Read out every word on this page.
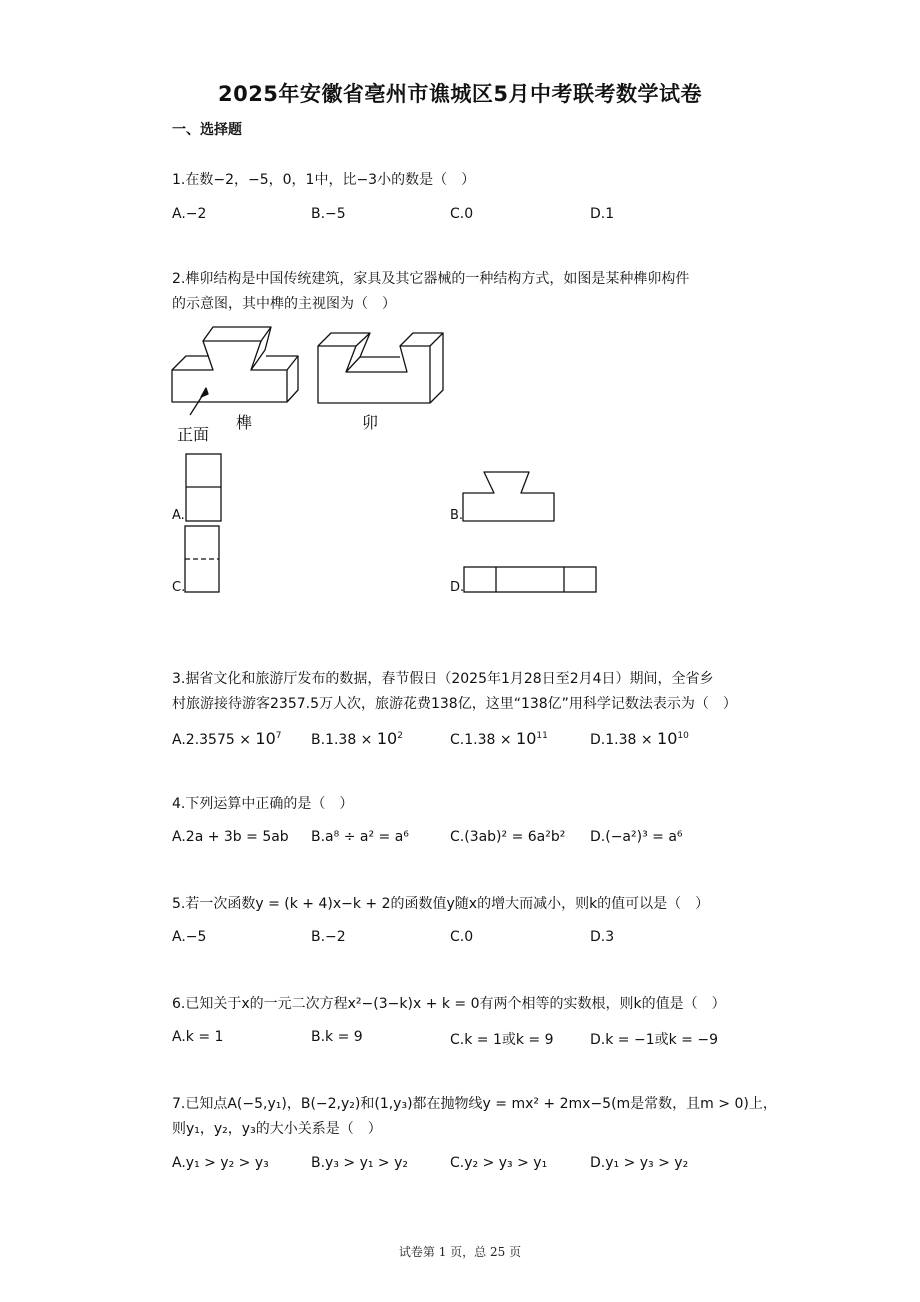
2025年安徽省亳州市谯城区5月中考联考数学试卷
一、选择题
1.在数−2，−5，0，1中，比−3小的数是（　）
A.−2	B.−5	C.0	D.1
2.榫卯结构是中国传统建筑，家具及其它器械的一种结构方式，如图是某种榫卯构件
的示意图，其中榫的主视图为（　）
正面
榫	卯
A.	B.
C.	D.
3.据省文化和旅游厅发布的数据，春节假日（2025年1月28日至2月4日）期间，全省乡
村旅游接待游客2357.5万人次，旅游花费138亿，这里“138亿”用科学记数法表示为（　）
$A.2.3575 \times 10^7$ $B.1.38 \times 10^2$	$C.1.38 \times 10^{11}$	$D.1.38 \times 10^{10}$
4.下列运算中正确的是（　）
A.2a + 3b = 5ab B.a⁸ ÷ a² = a⁶	C.(3ab)² = 6a²b² D.(−a²)³ = a⁶
5.若一次函数y = (k + 4)x−k + 2的函数值y随x的增大而减小，则k的值可以是（　）
A.−5	B.−2	C.0	D.3
6.已知关于x的一元二次方程x²−(3−k)x + k = 0有两个相等的实数根，则k的值是（　）
A.k = 1	B.k = 9	C.k = 1或k = 9	D.k = −1或k = −9
7.已知点A(−5,y₁)，B(−2,y₂)和(1,y₃)都在抛物线y = mx² + 2mx−5(m是常数，且m > 0)上，
则y₁，y₂，y₃的大小关系是（　）
A.y₁ > y₂ > y₃	B.y₃ > y₁ > y₂	C.y₂ > y₃ > y₁	D.y₁ > y₃ > y₂
试卷第 1 页，总 25 页
